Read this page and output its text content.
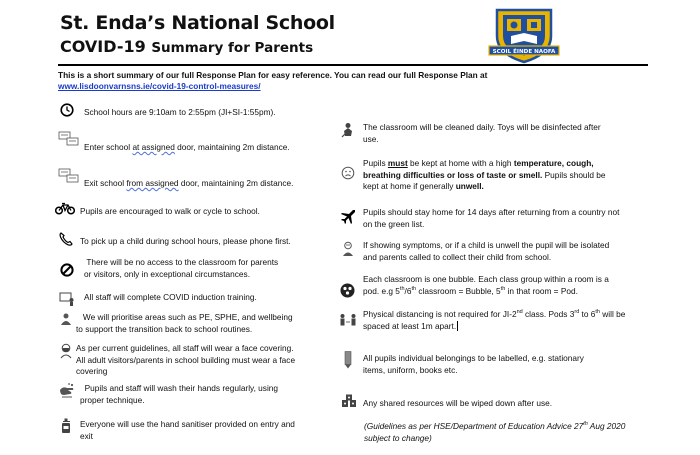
St. Enda’s National School
COVID-19 Summary for Parents	SCOIL ÉINDE NAOFA
This is a short summary of our full Response Plan for easy reference. You can read our full Response Plan at
www.lisdoonvarnsns.ie/covid-19-control-measures/
School hours are 9:10am to 2:55pm (JI+SI-1:55pm).
Enter school at assigned door, maintaining 2m distance.
Exit school from assigned door, maintaining 2m distance.
Pupils are encouraged to walk or cycle to school.
To pick up a child during school hours, please phone first.
There will be no access to the classroom for parents
or visitors, only in exceptional circumstances.
All staff will complete COVID induction training.
We will prioritise areas such as PE, SPHE, and wellbeing
to support the transition back to school routines.
As per current guidelines, all staff will wear a face covering.
All adult visitors/parents in school building must wear a face
covering
Pupils and staff will wash their hands regularly, using
proper technique.
Everyone will use the hand sanitiser provided on entry and
exit
The classroom will be cleaned daily. Toys will be disinfected after
use.
Pupils must be kept at home with a high temperature, cough,
breathing difficulties or loss of taste or smell. Pupils should be
kept at home if generally unwell.
Pupils should stay home for 14 days after returning from a country not
on the green list.
If showing symptoms, or if a child is unwell the pupil will be isolated
and parents called to collect their child from school.
Each classroom is one bubble. Each class group within a room is a
pod. e.g 5th/6th classroom = Bubble, 5th in that room = Pod.
Physical distancing is not required for JI-2nd class. Pods 3rd to 6th will be
spaced at least 1m apart.
All pupils individual belongings to be labelled, e.g. stationary
items, uniform, books etc.
Any shared resources will be wiped down after use.
(Guidelines as per HSE/Department of Education Advice 27th Aug 2020
subject to change)
